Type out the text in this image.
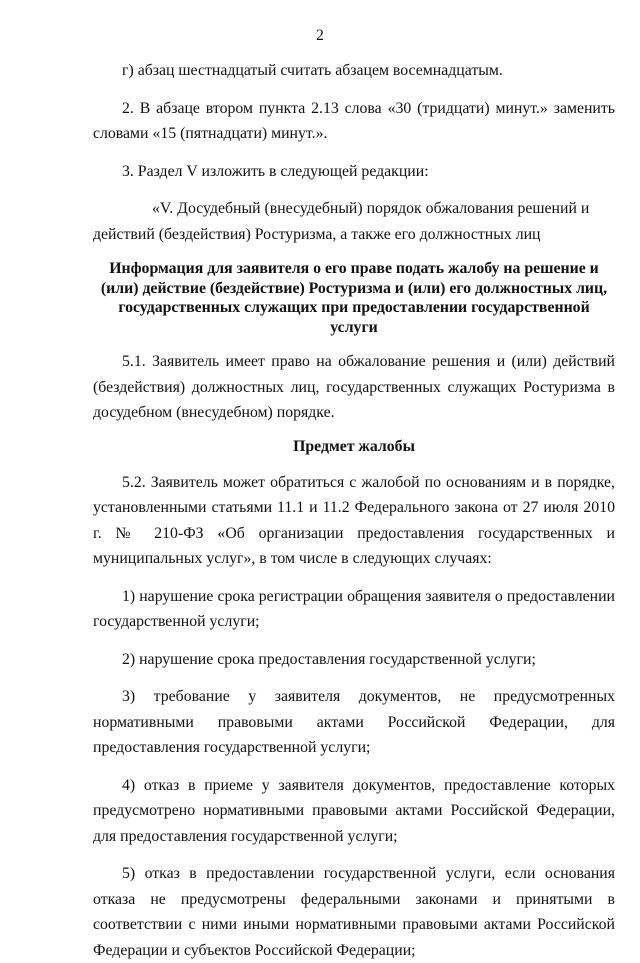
2

г) абзац шестнадцатый считать абзацем восемнадцатым.

2. В абзаце втором пункта 2.13 слова «30 (тридцати) минут.» заменить словами «15 (пятнадцати) минут.».

3. Раздел V изложить в следующей редакции:

«V. Досудебный (внесудебный) порядок обжалования решений и действий (бездействия) Ростуризма, а также его должностных лиц

Информация для заявителя о его праве подать жалобу на решение и (или) действие (бездействие) Ростуризма и (или) его должностных лиц, государственных служащих при предоставлении государственной услуги

5.1. Заявитель имеет право на обжалование решения и (или) действий (бездействия) должностных лиц, государственных служащих Ростуризма в досудебном (внесудебном) порядке.

Предмет жалобы

5.2. Заявитель может обратиться с жалобой по основаниям и в порядке, установленными статьями 11.1 и 11.2 Федерального закона от 27 июля 2010 г. № 210-ФЗ «Об организации предоставления государственных и муниципальных услуг», в том числе в следующих случаях:

1) нарушение срока регистрации обращения заявителя о предоставлении государственной услуги;

2) нарушение срока предоставления государственной услуги;

3) требование у заявителя документов, не предусмотренных нормативными правовыми актами Российской Федерации, для предоставления государственной услуги;

4) отказ в приеме у заявителя документов, предоставление которых предусмотрено нормативными правовыми актами Российской Федерации, для предоставления государственной услуги;

5) отказ в предоставлении государственной услуги, если основания отказа не предусмотрены федеральными законами и принятыми в соответствии с ними иными нормативными правовыми актами Российской Федерации и субъектов Российской Федерации;
